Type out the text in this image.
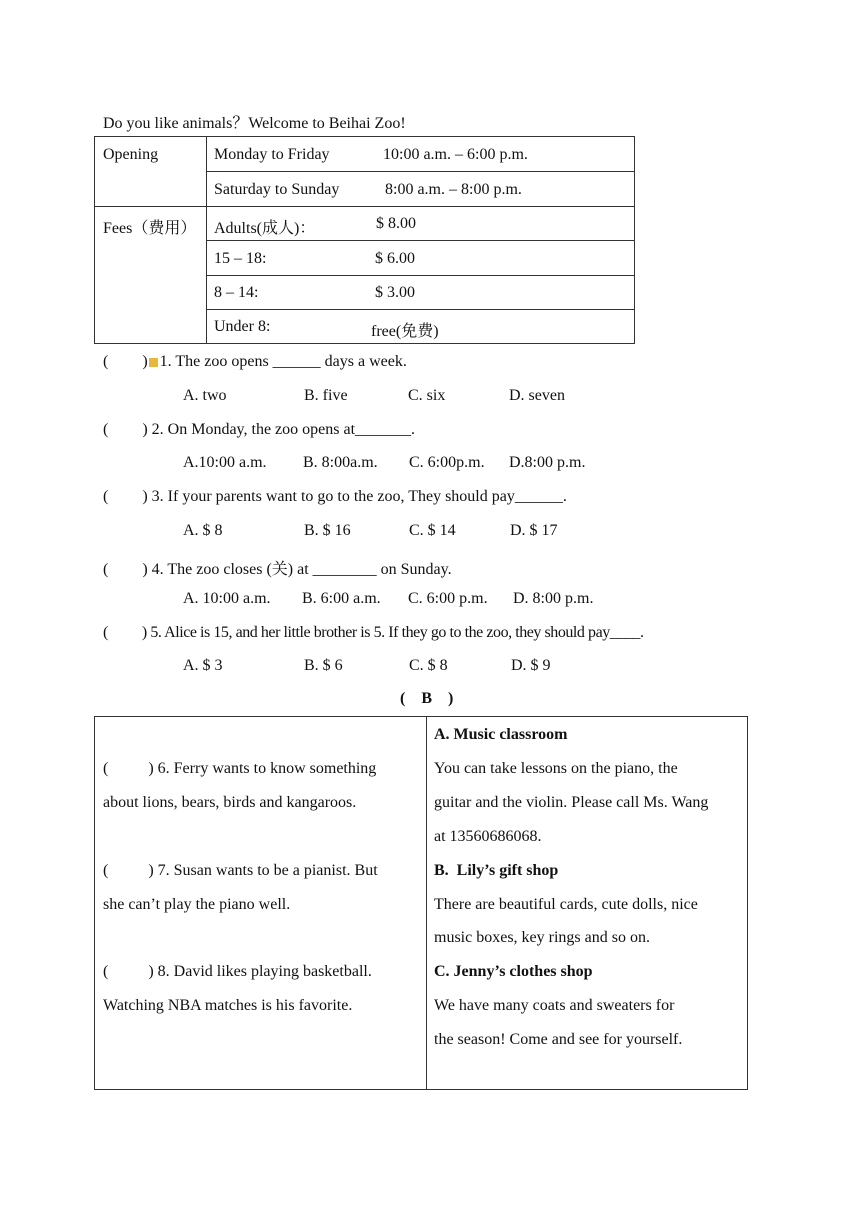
Do you like animals？Welcome to Beihai Zoo!
Opening	Monday to Friday	10:00 a.m. – 6:00 p.m.
Saturday to Sunday	8:00 a.m. – 8:00 p.m.
Fees（费用） Adults(成人)：	$ 8.00
15 – 18:	$ 6.00
8 – 14:	$ 3.00
Under 8:	free(免费)
( ) 1. The zoo opens ______ days a week.
A. two	B. five	C. six	D. seven
( ) 2. On Monday, the zoo opens at_______.
A.10:00 a.m. B. 8:00a.m. C. 6:00p.m. D.8:00 p.m.
( ) 3. If your parents want to go to the zoo, They should pay______.
A. $ 8	B. $ 16	C. $ 14	D. $ 17
( ) 4. The zoo closes (关) at ________ on Sunday.
A. 10:00 a.m. B. 6:00 a.m. C. 6:00 p.m. D. 8:00 p.m.
( ) 5. Alice is 15, and her little brother is 5. If they go to the zoo, they should pay____.
A. $ 3	B. $ 6	C. $ 8	D. $ 9
(    B    )
(          ) 6. Ferry wants to know something
about lions, bears, birds and kangaroos.
(          ) 7. Susan wants to be a pianist. But
she can’t play the piano well.
(          ) 8. David likes playing basketball.
Watching NBA matches is his favorite.
A. Music classroom
You can take lessons on the piano, the
guitar and the violin. Please call Ms. Wang
at 13560686068.
B.  Lily’s gift shop
There are beautiful cards, cute dolls, nice
music boxes, key rings and so on.
C. Jenny’s clothes shop
We have many coats and sweaters for
the season! Come and see for yourself.
